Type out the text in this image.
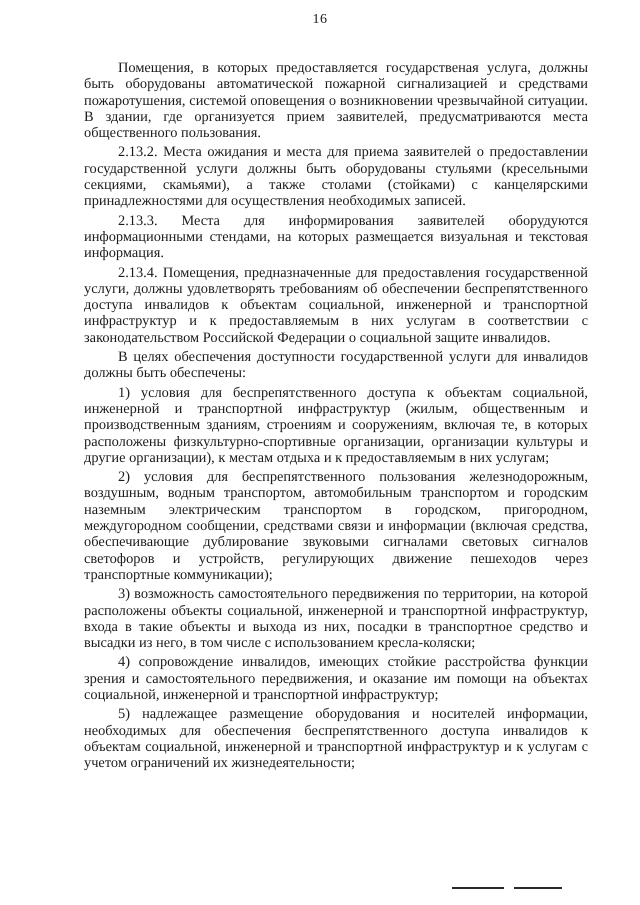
16

Помещения, в которых предоставляется государственая услуга, должны быть оборудованы автоматической пожарной сигнализацией и средствами пожаротушения, системой оповещения о возникновении чрезвычайной ситуации. В здании, где организуется прием заявителей, предусматриваются места общественного пользования.

2.13.2. Места ожидания и места для приема заявителей о предоставлении государственной услуги должны быть оборудованы стульями (кресельными секциями, скамьями), а также столами (стойками) с канцелярскими принадлежностями для осуществления необходимых записей.

2.13.3. Места для информирования заявителей оборудуются информационными стендами, на которых размещается визуальная и текстовая информация.

2.13.4. Помещения, предназначенные для предоставления государственной услуги, должны удовлетворять требованиям об обеспечении беспрепятственного доступа инвалидов к объектам социальной, инженерной и транспортной инфраструктур и к предоставляемым в них услугам в соответствии с законодательством Российской Федерации о социальной защите инвалидов.

В целях обеспечения доступности государственной услуги для инвалидов должны быть обеспечены:

1) условия для беспрепятственного доступа к объектам социальной, инженерной и транспортной инфраструктур (жилым, общественным и производственным зданиям, строениям и сооружениям, включая те, в которых расположены физкультурно-спортивные организации, организации культуры и другие организации), к местам отдыха и к предоставляемым в них услугам;

2) условия для беспрепятственного пользования железнодорожным, воздушным, водным транспортом, автомобильным транспортом и городским наземным электрическим транспортом в городском, пригородном, междугородном сообщении, средствами связи и информации (включая средства, обеспечивающие дублирование звуковыми сигналами световых сигналов светофоров и устройств, регулирующих движение пешеходов через транспортные коммуникации);

3) возможность самостоятельного передвижения по территории, на которой расположены объекты социальной, инженерной и транспортной инфраструктур, входа в такие объекты и выхода из них, посадки в транспортное средство и высадки из него, в том числе с использованием кресла-коляски;

4) сопровождение инвалидов, имеющих стойкие расстройства функции зрения и самостоятельного передвижения, и оказание им помощи на объектах социальной, инженерной и транспортной инфраструктур;

5) надлежащее размещение оборудования и носителей информации, необходимых для обеспечения беспрепятственного доступа инвалидов к объектам социальной, инженерной и транспортной инфраструктур и к услугам с учетом ограничений их жизнедеятельности;
